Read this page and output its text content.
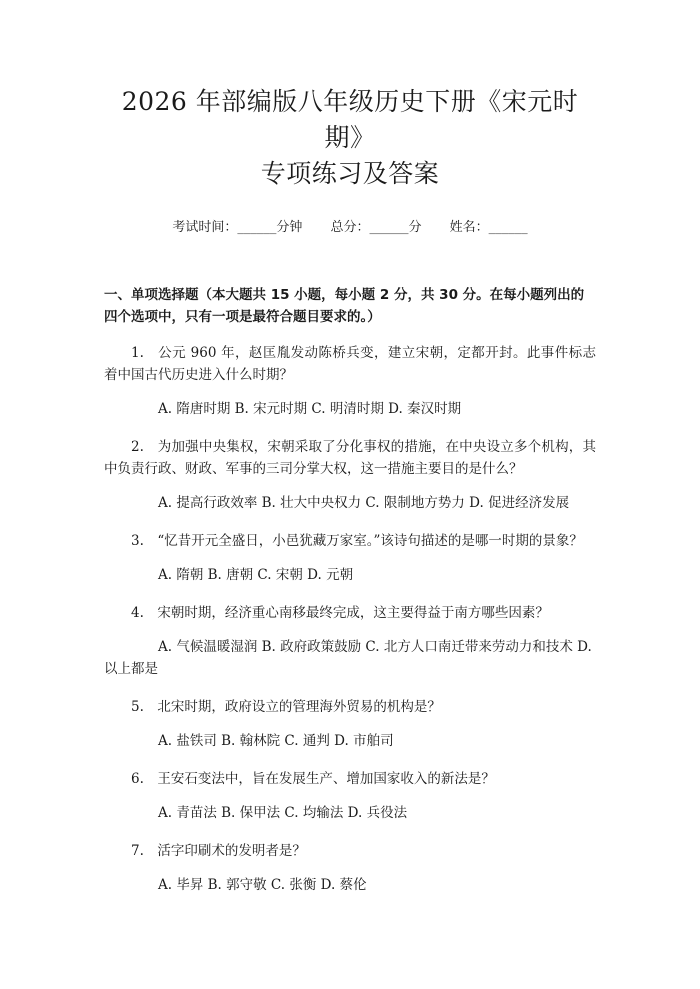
2026 年部编版八年级历史下册《宋元时期》
专项练习及答案
考试时间：______分钟 总分：______分 姓名：______
一、单项选择题（本大题共 15 小题，每小题 2 分，共 30 分。在每小题列出的四个选项中，只有一项是最符合题目要求的。）
1.　公元 960 年，赵匡胤发动陈桥兵变，建立宋朝，定都开封。此事件标志着中国古代历史进入什么时期？
A. 隋唐时期 B. 宋元时期 C. 明清时期 D. 秦汉时期
2.　为加强中央集权，宋朝采取了分化事权的措施，在中央设立多个机构，其中负责行政、财政、军事的三司分掌大权，这一措施主要目的是什么？
A. 提高行政效率 B. 壮大中央权力 C. 限制地方势力 D. 促进经济发展
3.　“忆昔开元全盛日，小邑犹藏万家室。”该诗句描述的是哪一时期的景象？
A. 隋朝 B. 唐朝 C. 宋朝 D. 元朝
4.　宋朝时期，经济重心南移最终完成，这主要得益于南方哪些因素？
A. 气候温暖湿润 B. 政府政策鼓励 C. 北方人口南迁带来劳动力和技术 D. 以上都是
5.　北宋时期，政府设立的管理海外贸易的机构是？
A. 盐铁司 B. 翰林院 C. 通判 D. 市舶司
6.　王安石变法中，旨在发展生产、增加国家收入的新法是？
A. 青苗法 B. 保甲法 C. 均输法 D. 兵役法
7.　活字印刷术的发明者是？
A. 毕昇 B. 郭守敬 C. 张衡 D. 蔡伦
